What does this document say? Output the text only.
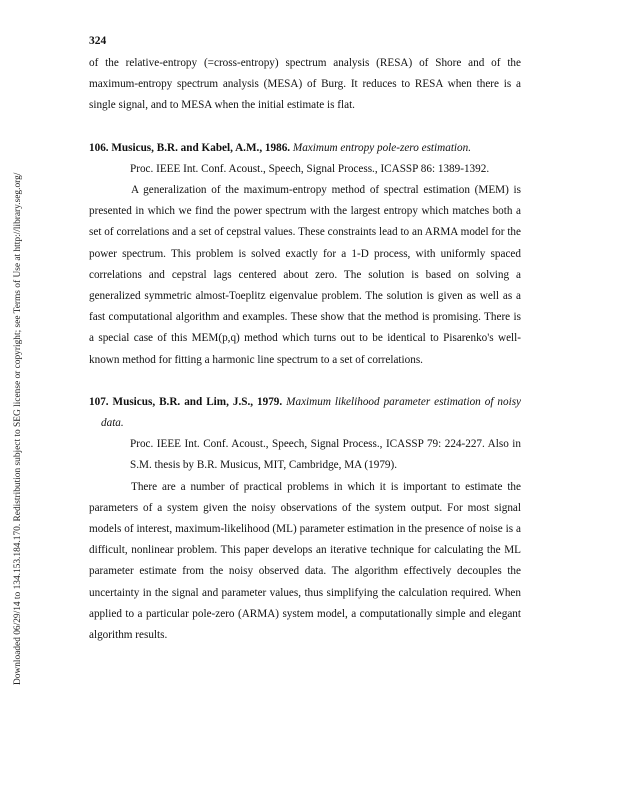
Downloaded 06/29/14 to 134.153.184.170. Redistribution subject to SEG license or copyright; see Terms of Use at http://library.seg.org/
324

of the relative-entropy (=cross-entropy) spectrum analysis (RESA) of Shore and of the maximum-entropy spectrum analysis (MESA) of Burg. It reduces to RESA when there is a single signal, and to MESA when the initial estimate is flat.

106. Musicus, B.R. and Kabel, A.M., 1986. Maximum entropy pole-zero estimation.

Proc. IEEE Int. Conf. Acoust., Speech, Signal Process., ICASSP 86: 1389-1392.

A generalization of the maximum-entropy method of spectral estimation (MEM) is presented in which we find the power spectrum with the largest entropy which matches both a set of correlations and a set of cepstral values. These constraints lead to an ARMA model for the power spectrum. This problem is solved exactly for a 1-D process, with uniformly spaced correlations and cepstral lags centered about zero. The solution is based on solving a generalized symmetric almost-Toeplitz eigenvalue problem. The solution is given as well as a fast computational algorithm and examples. These show that the method is promising. There is a special case of this MEM(p,q) method which turns out to be identical to Pisarenko's well-known method for fitting a harmonic line spectrum to a set of correlations.

107. Musicus, B.R. and Lim, J.S., 1979. Maximum likelihood parameter estimation of noisy data.

Proc. IEEE Int. Conf. Acoust., Speech, Signal Process., ICASSP 79: 224-227. Also in S.M. thesis by B.R. Musicus, MIT, Cambridge, MA (1979).

There are a number of practical problems in which it is important to estimate the parameters of a system given the noisy observations of the system output. For most signal models of interest, maximum-likelihood (ML) parameter estimation in the presence of noise is a difficult, nonlinear problem. This paper develops an iterative technique for calculating the ML parameter estimate from the noisy observed data. The algorithm effectively decouples the uncertainty in the signal and parameter values, thus simplifying the calculation required. When applied to a particular pole-zero (ARMA) system model, a computationally simple and elegant algorithm results.
